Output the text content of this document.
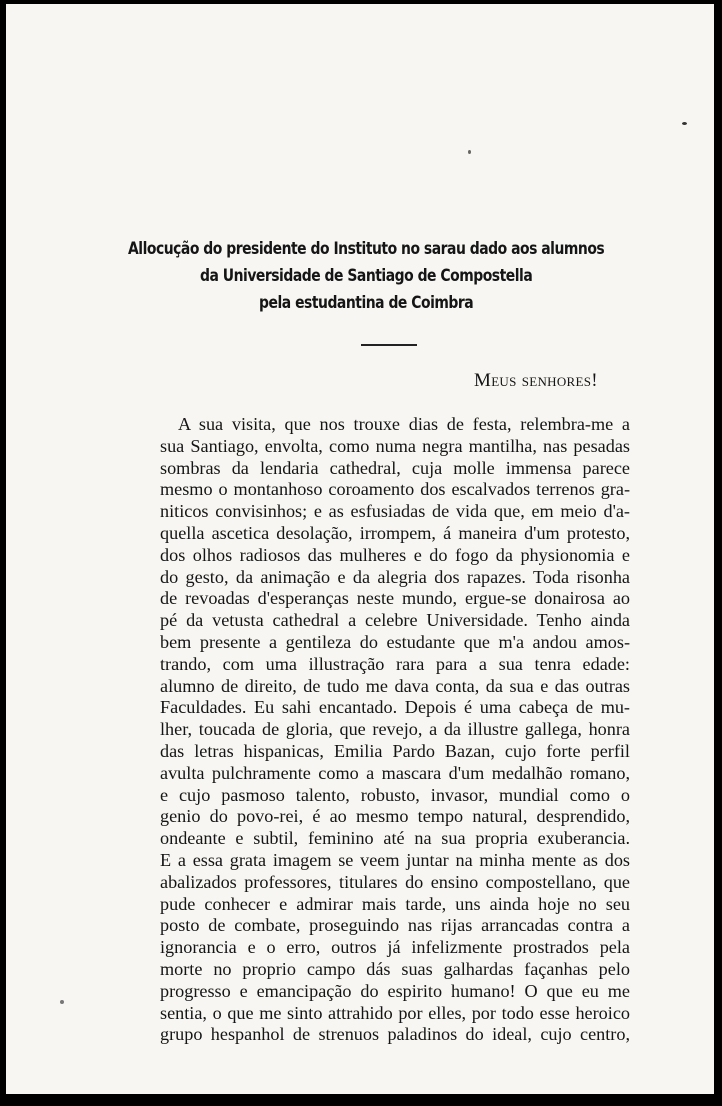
Allocução do presidente do Instituto no sarau dado aos alumnos
da Universidade de Santiago de Compostella
pela estudantina de Coimbra
Meus senhores!
A sua visita, que nos trouxe dias de festa, relembra-me a
sua Santiago, envolta, como numa negra mantilha, nas pesadas
sombras da lendaria cathedral, cuja molle immensa parece
mesmo o montanhoso coroamento dos escalvados terrenos gra-
niticos convisinhos; e as esfusiadas de vida que, em meio d'a-
quella ascetica desolação, irrompem, á maneira d'um protesto,
dos olhos radiosos das mulheres e do fogo da physionomia e
do gesto, da animação e da alegria dos rapazes. Toda risonha
de revoadas d'esperanças neste mundo, ergue-se donairosa ao
pé da vetusta cathedral a celebre Universidade. Tenho ainda
bem presente a gentileza do estudante que m'a andou amos-
trando, com uma illustração rara para a sua tenra edade:
alumno de direito, de tudo me dava conta, da sua e das outras
Faculdades. Eu sahi encantado. Depois é uma cabeça de mu-
lher, toucada de gloria, que revejo, a da illustre gallega, honra
das letras hispanicas, Emilia Pardo Bazan, cujo forte perfil
avulta pulchramente como a mascara d'um medalhão romano,
e cujo pasmoso talento, robusto, invasor, mundial como o
genio do povo-rei, é ao mesmo tempo natural, desprendido,
ondeante e subtil, feminino até na sua propria exuberancia.
E a essa grata imagem se veem juntar na minha mente as dos
abalizados professores, titulares do ensino compostellano, que
pude conhecer e admirar mais tarde, uns ainda hoje no seu
posto de combate, proseguindo nas rijas arrancadas contra a
ignorancia e o erro, outros já infelizmente prostrados pela
morte no proprio campo dás suas galhardas façanhas pelo
progresso e emancipação do espirito humano! O que eu me
sentia, o que me sinto attrahido por elles, por todo esse heroico
grupo hespanhol de strenuos paladinos do ideal, cujo centro,
